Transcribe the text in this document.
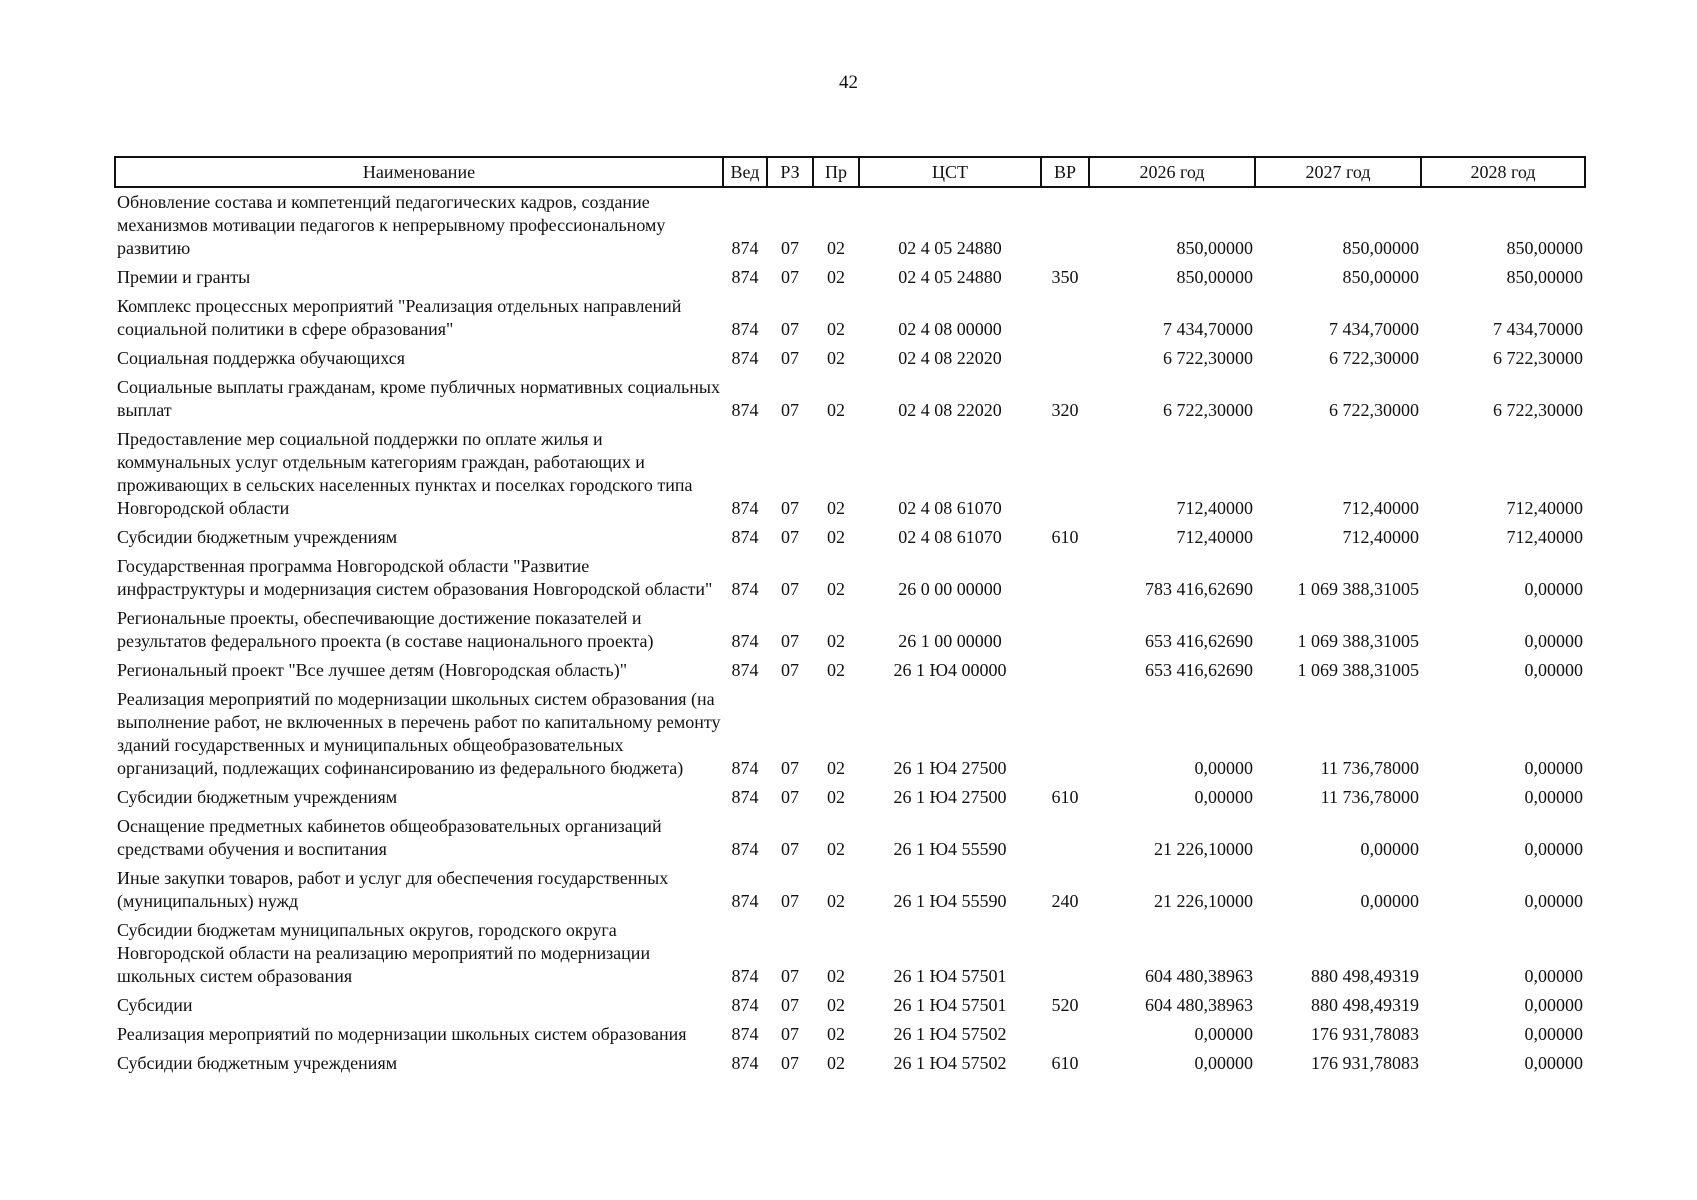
42
Наименование	Вед	РЗ	Пр	ЦСТ	ВР	2026 год	2027 год	2028 год
Обновление состава и компетенций педагогических кадров, создание механизмов мотивации педагогов к непрерывному профессиональному развитию	874	07	02	02 4 05 24880		850,00000	850,00000	850,00000
Премии и гранты	874	07	02	02 4 05 24880	350	850,00000	850,00000	850,00000
Комплекс процессных мероприятий "Реализация отдельных направлений социальной политики в сфере образования"	874	07	02	02 4 08 00000		7 434,70000	7 434,70000	7 434,70000
Социальная поддержка обучающихся	874	07	02	02 4 08 22020		6 722,30000	6 722,30000	6 722,30000
Социальные выплаты гражданам, кроме публичных нормативных социальных выплат	874	07	02	02 4 08 22020	320	6 722,30000	6 722,30000	6 722,30000
Предоставление мер социальной поддержки по оплате жилья и коммунальных услуг отдельным категориям граждан, работающих и проживающих в сельских населенных пунктах и поселках городского типа Новгородской области	874	07	02	02 4 08 61070		712,40000	712,40000	712,40000
Субсидии бюджетным учреждениям	874	07	02	02 4 08 61070	610	712,40000	712,40000	712,40000
Государственная программа Новгородской области "Развитие инфраструктуры и модернизация систем образования Новгородской области"	874	07	02	26 0 00 00000		783 416,62690	1 069 388,31005	0,00000
Региональные проекты, обеспечивающие достижение показателей и результатов федерального проекта (в составе национального проекта)	874	07	02	26 1 00 00000		653 416,62690	1 069 388,31005	0,00000
Региональный проект "Все лучшее детям (Новгородская область)"	874	07	02	26 1 Ю4 00000		653 416,62690	1 069 388,31005	0,00000
Реализация мероприятий по модернизации школьных систем образования (на выполнение работ, не включенных в перечень работ по капитальному ремонту зданий государственных и муниципальных общеобразовательных организаций, подлежащих софинансированию из федерального бюджета)	874	07	02	26 1 Ю4 27500		0,00000	11 736,78000	0,00000
Субсидии бюджетным учреждениям	874	07	02	26 1 Ю4 27500	610	0,00000	11 736,78000	0,00000
Оснащение предметных кабинетов общеобразовательных организаций средствами обучения и воспитания	874	07	02	26 1 Ю4 55590		21 226,10000	0,00000	0,00000
Иные закупки товаров, работ и услуг для обеспечения государственных (муниципальных) нужд	874	07	02	26 1 Ю4 55590	240	21 226,10000	0,00000	0,00000
Субсидии бюджетам муниципальных округов, городского округа Новгородской области на реализацию мероприятий по модернизации школьных систем образования	874	07	02	26 1 Ю4 57501		604 480,38963	880 498,49319	0,00000
Субсидии	874	07	02	26 1 Ю4 57501	520	604 480,38963	880 498,49319	0,00000
Реализация мероприятий по модернизации школьных систем образования	874	07	02	26 1 Ю4 57502		0,00000	176 931,78083	0,00000
Субсидии бюджетным учреждениям	874	07	02	26 1 Ю4 57502	610	0,00000	176 931,78083	0,00000
